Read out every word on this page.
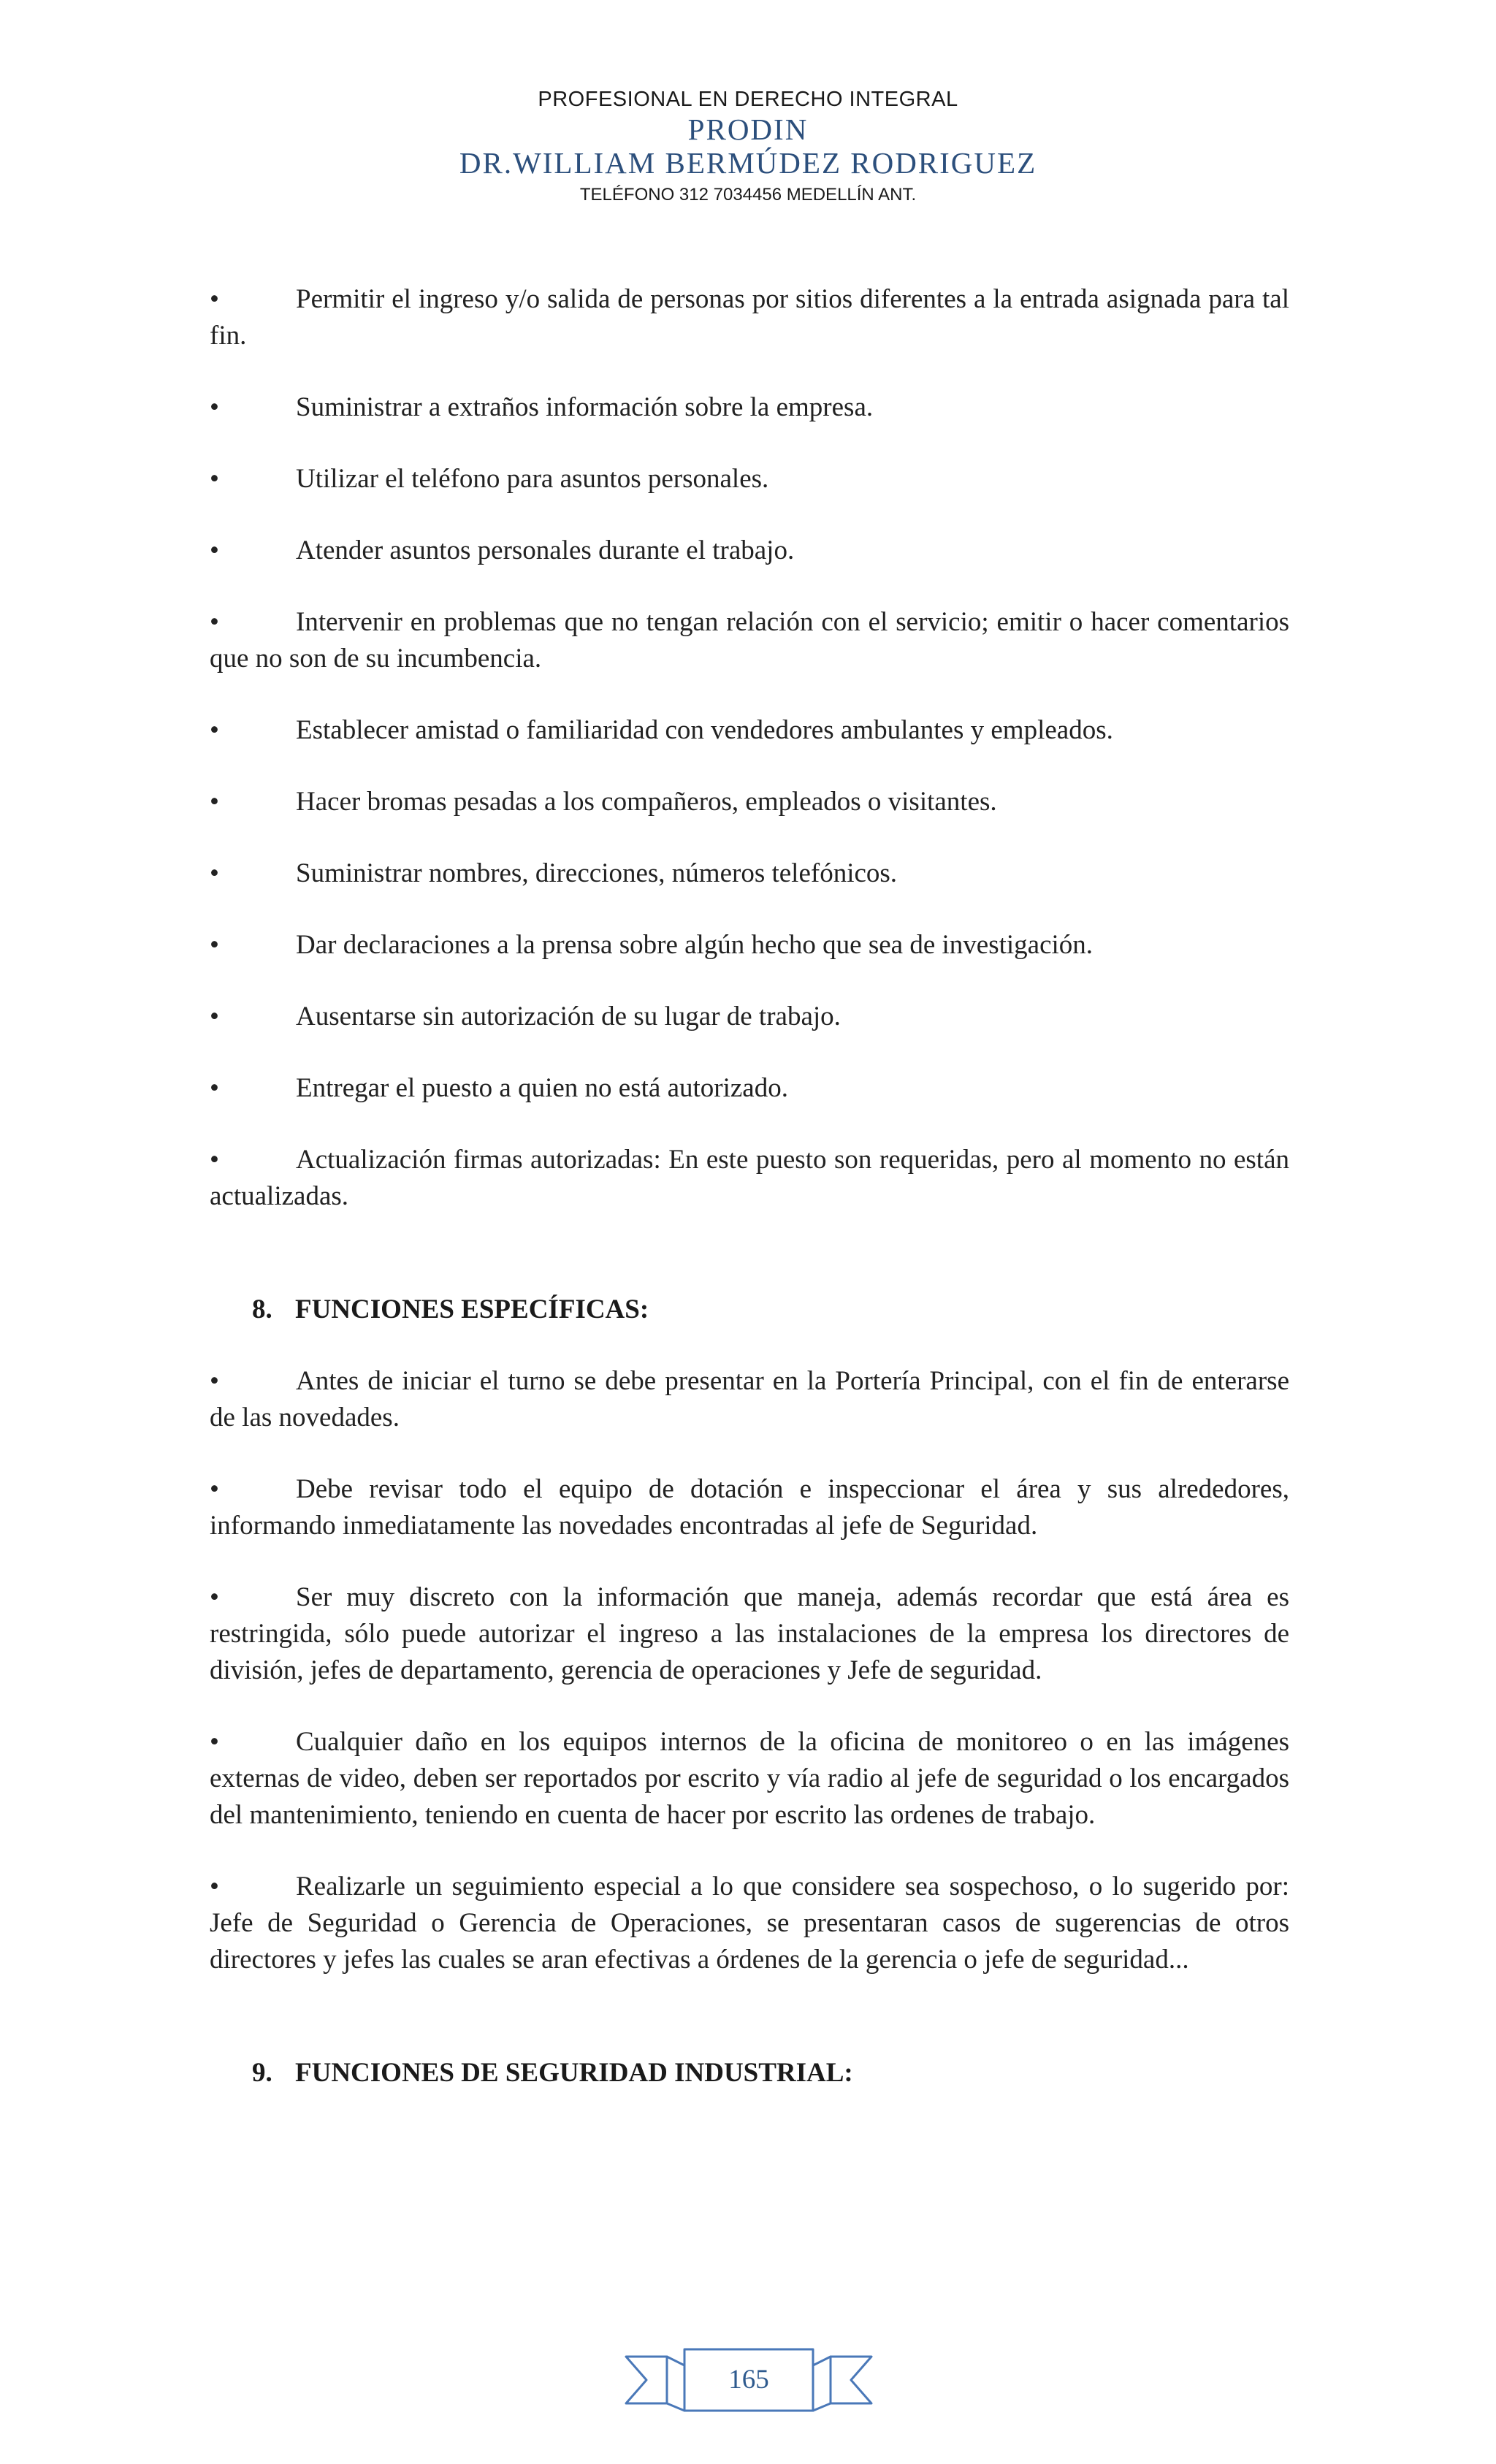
PROFESIONAL EN DERECHO INTEGRAL
PRODIN
DR.WILLIAM BERMÚDEZ RODRIGUEZ
TELÉFONO 312 7034456 MEDELLÍN ANT.

•	Permitir el ingreso y/o salida de personas por sitios diferentes a la entrada asignada para tal fin.

•	Suministrar a extraños información sobre la empresa.

•	Utilizar el teléfono para asuntos personales.

•	Atender asuntos personales durante el trabajo.

•	Intervenir en problemas que no tengan relación con el servicio; emitir o hacer comentarios que no son de su incumbencia.

•	Establecer amistad o familiaridad con vendedores ambulantes y empleados.

•	Hacer bromas pesadas a los compañeros, empleados o visitantes.

•	Suministrar nombres, direcciones, números telefónicos.

•	Dar declaraciones a la prensa sobre algún hecho que sea de investigación.

•	Ausentarse sin autorización de su lugar de trabajo.

•	Entregar el puesto a quien no está autorizado.

•	Actualización firmas autorizadas: En este puesto son requeridas, pero al momento no están actualizadas.

8. FUNCIONES ESPECÍFICAS:

•	Antes de iniciar el turno se debe presentar en la Portería Principal, con el fin de enterarse de las novedades.

•	Debe revisar todo el equipo de dotación e inspeccionar el área y sus alrededores, informando inmediatamente las novedades encontradas al jefe de Seguridad.

•	Ser muy discreto con la información que maneja, además recordar que está área es restringida, sólo puede autorizar el ingreso a las instalaciones de la empresa los directores de división, jefes de departamento, gerencia de operaciones y Jefe de seguridad.

•	Cualquier daño en los equipos internos de la oficina de monitoreo o en las imágenes externas de video, deben ser reportados por escrito y vía radio al jefe de seguridad o los encargados del mantenimiento, teniendo en cuenta de hacer por escrito las ordenes de trabajo.

•	Realizarle un seguimiento especial a lo que considere sea sospechoso, o lo sugerido por: Jefe de Seguridad o Gerencia de Operaciones, se presentaran casos de sugerencias de otros directores y jefes las cuales se aran efectivas a órdenes de la gerencia o jefe de seguridad...

9. FUNCIONES DE SEGURIDAD INDUSTRIAL:
165
